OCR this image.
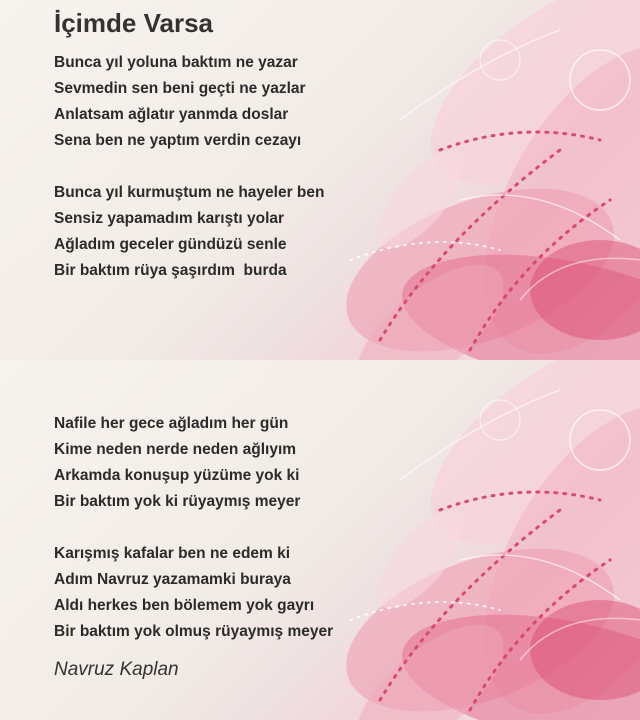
İçimde Varsa
Bunca yıl yoluna baktım ne yazar
Sevmedin sen beni geçti ne yazlar
Anlatsam ağlatır yanmda doslar
Sena ben ne yaptım verdin cezayı
Bunca yıl kurmuştum ne hayeler ben
Sensiz yapamadım karıştı yolar
Ağladım geceler gündüzü senle
Bir baktım rüya şaşırdım  burda
Nafile her gece ağladım her gün
Kime neden nerde neden ağlıyım
Arkamda konuşup yüzüme yok ki
Bir baktım yok ki rüyaymış meyer
Karışmış kafalar ben ne edem ki
Adım Navruz yazamamki buraya
Aldı herkes ben bölemem yok gayrı
Bir baktım yok olmuş rüyaymış meyer
Navruz Kaplan
